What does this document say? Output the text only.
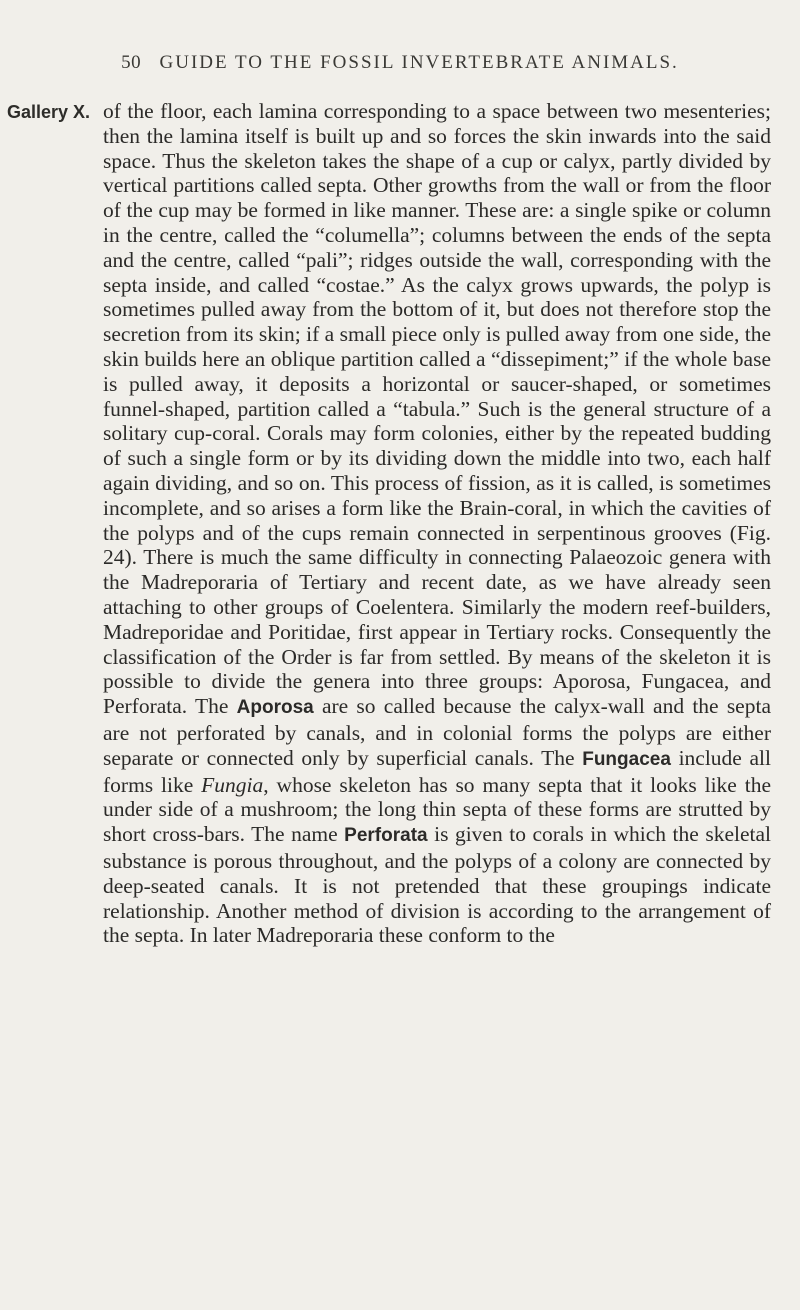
50 GUIDE TO THE FOSSIL INVERTEBRATE ANIMALS.
Gallery X. of the floor, each lamina corresponding to a space between two mesenteries; then the lamina itself is built up and so forces the skin inwards into the said space. Thus the skeleton takes the shape of a cup or calyx, partly divided by vertical partitions called septa. Other growths from the wall or from the floor of the cup may be formed in like manner. These are: a single spike or column in the centre, called the “columella”; columns between the ends of the septa and the centre, called “pali”; ridges outside the wall, corresponding with the septa inside, and called “costae.” As the calyx grows upwards, the polyp is sometimes pulled away from the bottom of it, but does not therefore stop the secretion from its skin; if a small piece only is pulled away from one side, the skin builds here an oblique partition called a “dissepiment;” if the whole base is pulled away, it deposits a horizontal or saucer-shaped, or sometimes funnel-shaped, partition called a “tabula.” Such is the general structure of a solitary cup-coral. Corals may form colonies, either by the repeated budding of such a single form or by its dividing down the middle into two, each half again dividing, and so on. This process of fission, as it is called, is sometimes incomplete, and so arises a form like the Brain-coral, in which the cavities of the polyps and of the cups remain connected in serpentinous grooves (Fig. 24). There is much the same difficulty in connecting Palaeozoic genera with the Madreporaria of Tertiary and recent date, as we have already seen attaching to other groups of Coelentera. Similarly the modern reef-builders, Madreporidae and Poritidae, first appear in Tertiary rocks. Consequently the classification of the Order is far from settled. By means of the skeleton it is possible to divide the genera into three groups: Aporosa, Fungacea, and Perforata. The Aporosa are so called because the calyx-wall and the septa are not perforated by canals, and in colonial forms the polyps are either separate or connected only by superficial canals. The Fungacea include all forms like Fungia, whose skeleton has so many septa that it looks like the under side of a mushroom; the long thin septa of these forms are strutted by short cross-bars. The name Perforata is given to corals in which the skeletal substance is porous throughout, and the polyps of a colony are connected by deep-seated canals. It is not pretended that these groupings indicate relationship. Another method of division is according to the arrangement of the septa. In later Madreporaria these conform to the
